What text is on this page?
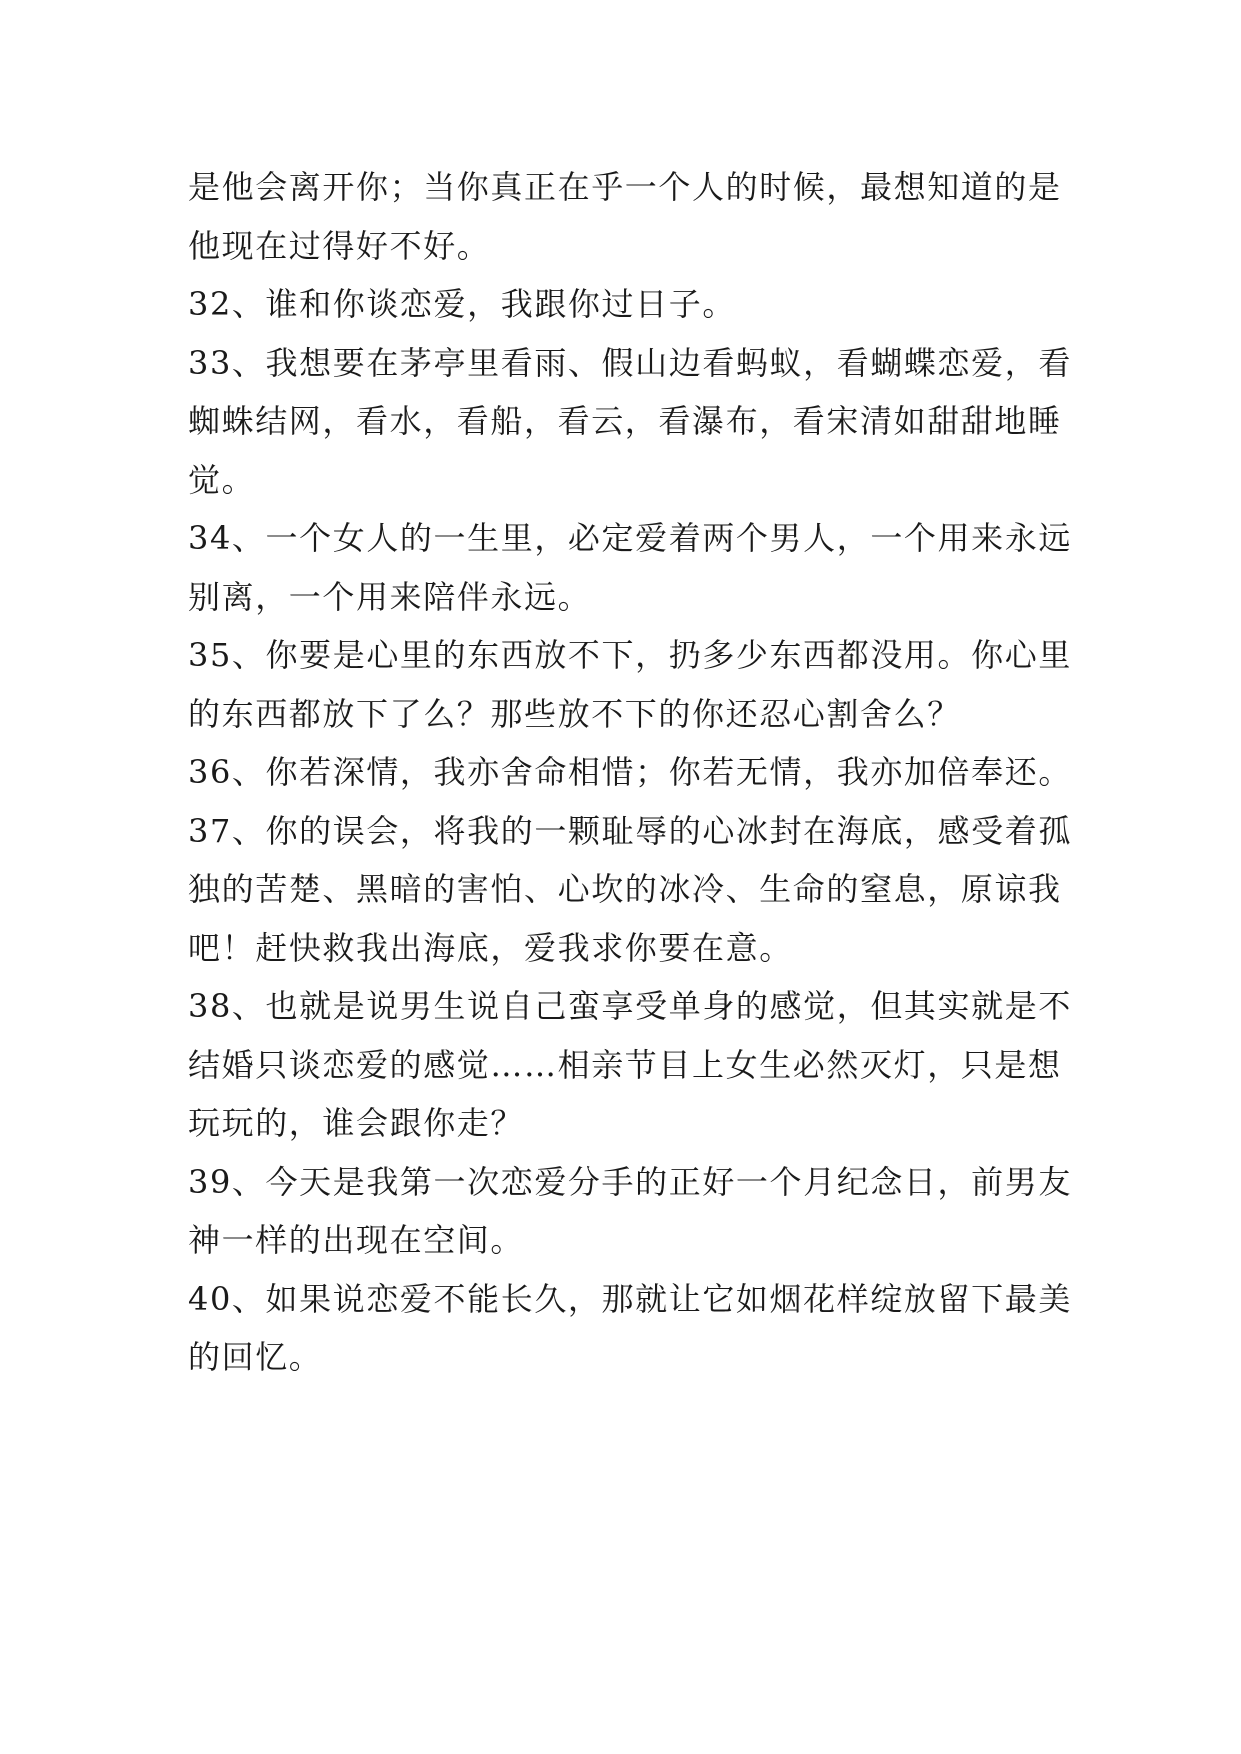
是他会离开你；当你真正在乎一个人的时候，最想知道的是
他现在过得好不好。
32、谁和你谈恋爱，我跟你过日子。
33、我想要在茅亭里看雨、假山边看蚂蚁，看蝴蝶恋爱，看
蜘蛛结网，看水，看船，看云，看瀑布，看宋清如甜甜地睡
觉。
34、一个女人的一生里，必定爱着两个男人，一个用来永远
别离，一个用来陪伴永远。
35、你要是心里的东西放不下，扔多少东西都没用。你心里
的东西都放下了么？那些放不下的你还忍心割舍么？
36、你若深情，我亦舍命相惜；你若无情，我亦加倍奉还。
37、你的误会，将我的一颗耻辱的心冰封在海底，感受着孤
独的苦楚、黑暗的害怕、心坎的冰冷、生命的窒息，原谅我
吧！赶快救我出海底，爱我求你要在意。
38、也就是说男生说自己蛮享受单身的感觉，但其实就是不
结婚只谈恋爱的感觉……相亲节目上女生必然灭灯，只是想
玩玩的，谁会跟你走？
39、今天是我第一次恋爱分手的正好一个月纪念日，前男友
神一样的出现在空间。
40、如果说恋爱不能长久，那就让它如烟花样绽放留下最美
的回忆。
